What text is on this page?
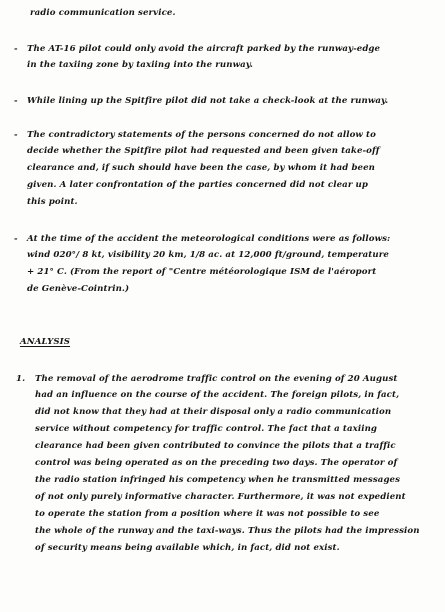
radio communication service.
- The AT-16 pilot could only avoid the aircraft parked by the runway-edge
in the taxiing zone by taxiing into the runway.
- While lining up the Spitfire pilot did not take a check-look at the runway.
- The contradictory statements of the persons concerned do not allow to
decide whether the Spitfire pilot had requested and been given take-off
clearance and, if such should have been the case, by whom it had been
given. A later confrontation of the parties concerned did not clear up
this point.
- At the time of the accident the meteorological conditions were as follows:
wind 020°/ 8 kt, visibility 20 km, 1/8 ac. at 12,000 ft/ground, temperature
+ 21° C. (From the report of "Centre météorologique ISM de l'aéroport
de Genève-Cointrin.)
ANALYSIS
1. The removal of the aerodrome traffic control on the evening of 20 August
had an influence on the course of the accident. The foreign pilots, in fact,
did not know that they had at their disposal only a radio communication
service without competency for traffic control. The fact that a taxiing
clearance had been given contributed to convince the pilots that a traffic
control was being operated as on the preceding two days. The operator of
the radio station infringed his competency when he transmitted messages
of not only purely informative character. Furthermore, it was not expedient
to operate the station from a position where it was not possible to see
the whole of the runway and the taxi-ways. Thus the pilots had the impression
of security means being available which, in fact, did not exist.
